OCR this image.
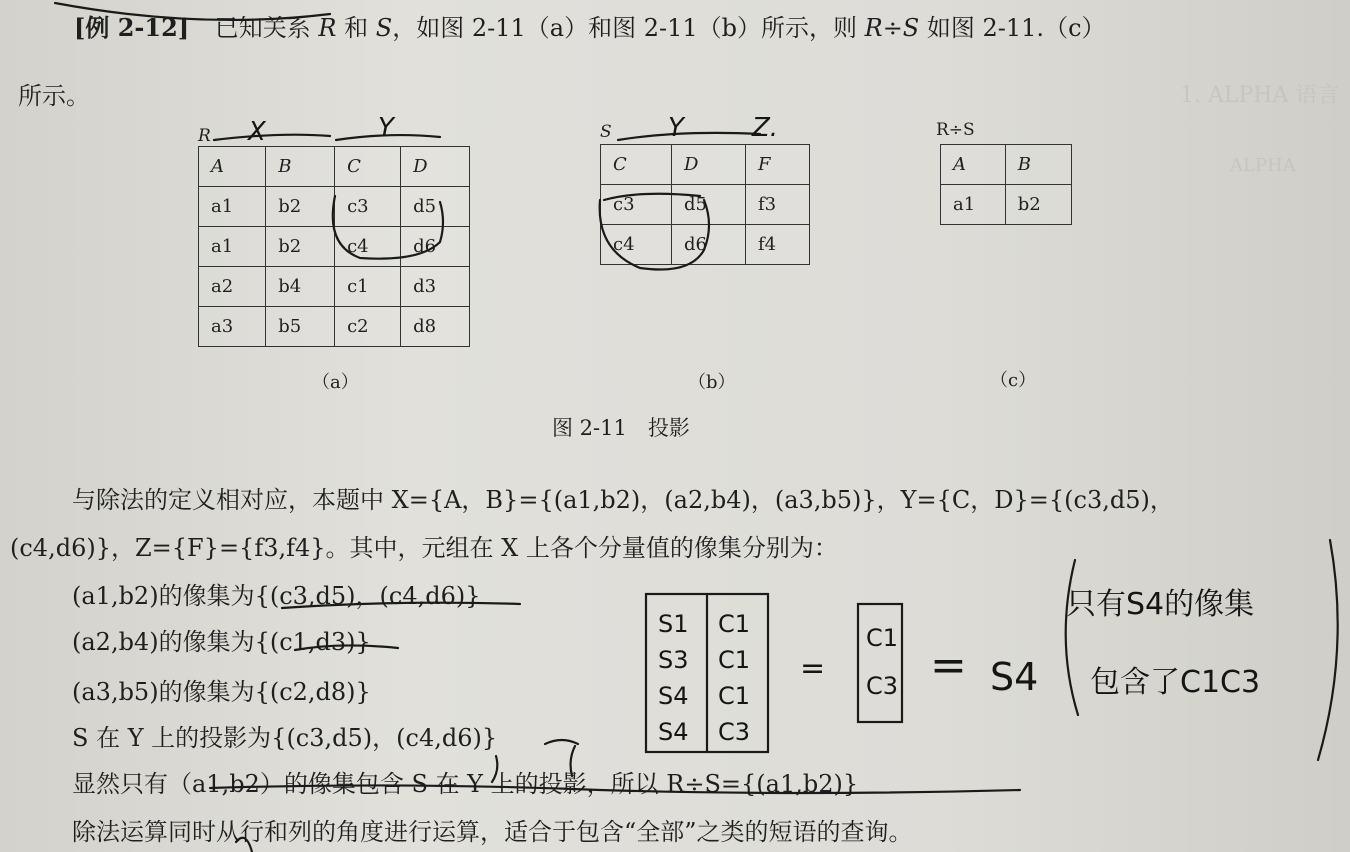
1. ALPHA 语言
ALPHA
[例 2-12] 已知关系 R 和 S，如图 2-11（a）和图 2-11（b）所示，则 R÷S 如图 2-11.（c）
所示。
R	S	R÷S
A	B	C	D
a1	b2	c3	d5
a1	b2	c4	d6
a2	b4	c1	d3
a3	b5	c2	d8
C	D	F
c3	d5	f3
c4	d6	f4
A	B
a1	b2
（a）	（b）	（c）
图 2-11　投影
与除法的定义相对应，本题中 X={A，B}={(a1,b2)，(a2,b4)，(a3,b5)}，Y={C，D}={(c3,d5)，
(c4,d6)}，Z={F}={f3,f4}。其中，元组在 X 上各个分量值的像集分别为：
(a1,b2)的像集为{(c3,d5)，(c4,d6)}
(a2,b4)的像集为{(c1,d3)}
(a3,b5)的像集为{(c2,d8)}
S 在 Y 上的投影为{(c3,d5)，(c4,d6)}
显然只有（a1,b2）的像集包含 S 在 Y 上的投影，所以 R÷S={(a1,b2)}
除法运算同时从行和列的角度进行运算，适合于包含“全部”之类的短语的查询。
X	Y	Y	Z.
S1 C1
S3 C1
S4 C1
S4 C3
=
C1
C3 = S4
只有S4的像集
包含了C1C3
